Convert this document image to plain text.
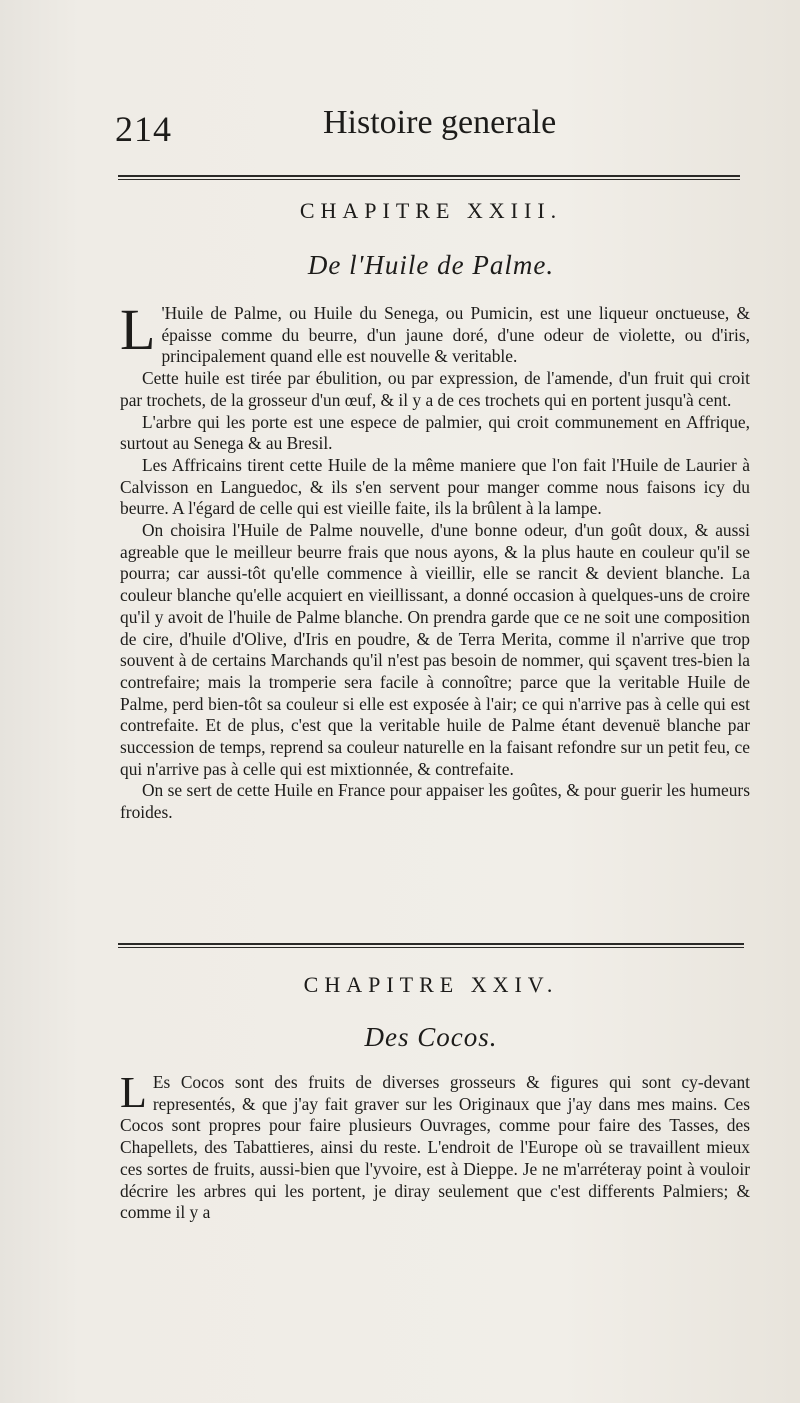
214	Histoire generale
CHAPITRE XXIII.
De l'Huile de Palme.

L 'Huile de Palme, ou Huile du Senega, ou Pumicin, est une liqueur onctueuse, & épaisse comme du beurre, d'un jaune doré, d'une odeur de violette, ou d'iris, principalement quand elle est nouvelle & veritable.

Cette huile est tirée par ébulition, ou par expression, de l'amende, d'un fruit qui croit par trochets, de la grosseur d'un œuf, & il y a de ces trochets qui en portent jusqu'à cent.

L'arbre qui les porte est une espece de palmier, qui croit communement en Affrique, surtout au Senega & au Bresil.

Les Affricains tirent cette Huile de la même maniere que l'on fait l'Huile de Laurier à Calvisson en Languedoc, & ils s'en servent pour manger comme nous faisons icy du beurre. A l'égard de celle qui est vieille faite, ils la brûlent à la lampe.

On choisira l'Huile de Palme nouvelle, d'une bonne odeur, d'un goût doux, & aussi agreable que le meilleur beurre frais que nous ayons, & la plus haute en couleur qu'il se pourra; car aussi-tôt qu'elle commence à vieillir, elle se rancit & devient blanche. La couleur blanche qu'elle acquiert en vieillissant, a donné occasion à quelques-uns de croire qu'il y avoit de l'huile de Palme blanche. On prendra garde que ce ne soit une composition de cire, d'huile d'Olive, d'Iris en poudre, & de Terra Merita, comme il n'arrive que trop souvent à de certains Marchands qu'il n'est pas besoin de nommer, qui sçavent tres-bien la contrefaire; mais la tromperie sera facile à connoître; parce que la veritable Huile de Palme, perd bien-tôt sa couleur si elle est exposée à l'air; ce qui n'arrive pas à celle qui est contrefaite. Et de plus, c'est que la veritable huile de Palme étant devenuë blanche par succession de temps, reprend sa couleur naturelle en la faisant refondre sur un petit feu, ce qui n'arrive pas à celle qui est mixtionnée, & contrefaite.

On se sert de cette Huile en France pour appaiser les goûtes, & pour guerir les humeurs froides.

CHAPITRE XXIV.
Des Cocos.

L Es Cocos sont des fruits de diverses grosseurs & figures qui sont cy-devant representés, & que j'ay fait graver sur les Originaux que j'ay dans mes mains. Ces Cocos sont propres pour faire plusieurs Ouvrages, comme pour faire des Tasses, des Chapellets, des Tabattieres, ainsi du reste. L'endroit de l'Europe où se travaillent mieux ces sortes de fruits, aussi-bien que l'yvoire, est à Dieppe. Je ne m'arréteray point à vouloir décrire les arbres qui les portent, je diray seulement que c'est differents Palmiers; & comme il y a
